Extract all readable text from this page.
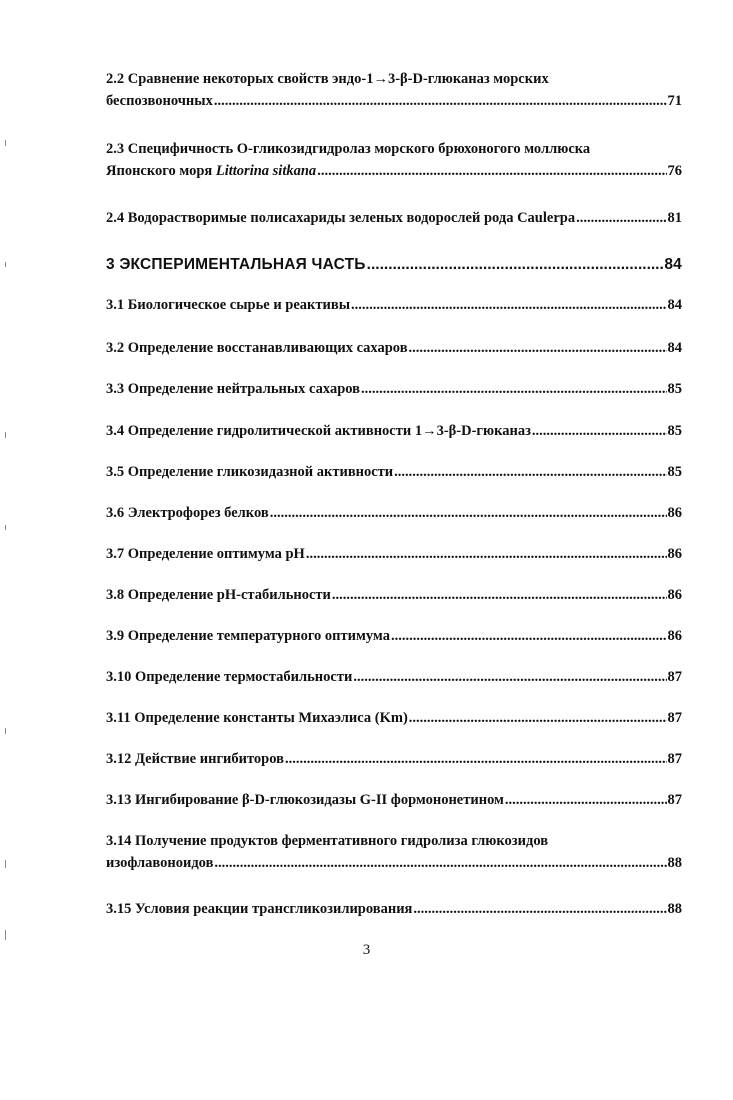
2.2 Сравнение некоторых свойств эндо-1→3-β-D-глюканаз морских
беспозвоночных .....	71
2.3 Специфичность О-гликозидгидролаз морского брюхоногого моллюска
Японского моря Littorina sitkana .....	76
2.4 Водорастворимые полисахариды зеленых водорослей рода Caulerpa .....	81
3 ЭКСПЕРИМЕНТАЛЬНАЯ ЧАСТЬ .....	84
3.1 Биологическое сырье и реактивы .....	84
3.2 Определение восстанавливающих сахаров .....	84
3.3 Определение нейтральных сахаров .....	85
3.4 Определение гидролитической активности 1→3-β-D-гюканаз .....	85
3.5 Определение гликозидазной активности .....	85
3.6 Электрофорез белков .....	86
3.7 Определение оптимума рН .....	86
3.8 Определение рН-стабильности .....	86
3.9 Определение температурного оптимума .....	86
3.10 Определение термостабильности .....	87
3.11 Определение константы Михаэлиса (Km) .....	87
3.12 Действие ингибиторов .....	87
3.13 Ингибирование β-D-глюкозидазы G-II формононетином .....	87
3.14 Получение продуктов ферментативного гидролиза глюкозидов
изофлавоноидов .....	88
3.15 Условия реакции трансгликозилирования .....	88
3
